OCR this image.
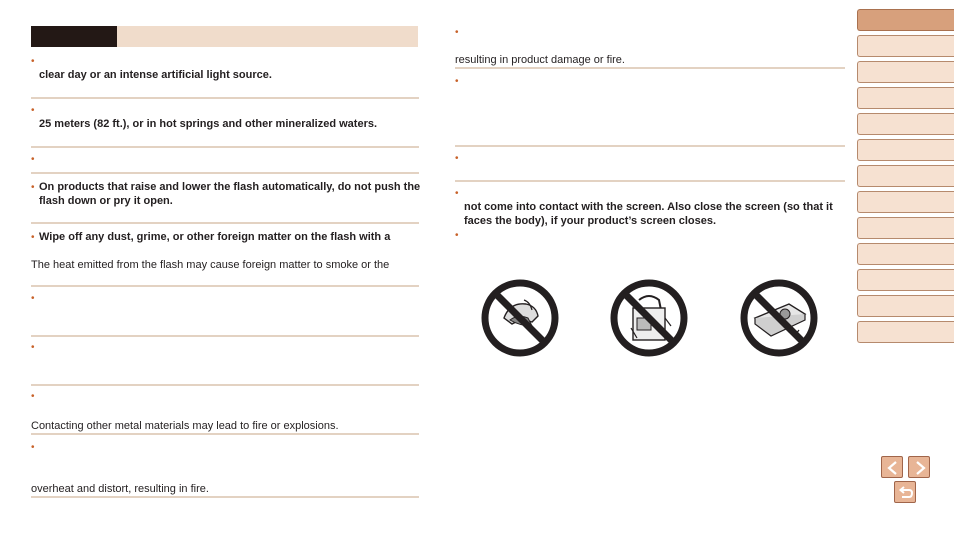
•
clear day or an intense artificial light source.
•
25 meters (82 ft.), or in hot springs and other mineralized waters.
•
• On products that raise and lower the flash automatically, do not push the flash down or pry it open.
• Wipe off any dust, grime, or other foreign matter on the flash with a
The heat emitted from the flash may cause foreign matter to smoke or the
•
•
•
Contacting other metal materials may lead to fire or explosions.
•
overheat and distort, resulting in fire.
•
resulting in product damage or fire.
•
•
•
not come into contact with the screen. Also close the screen (so that it faces the body), if your product’s screen closes.
•
